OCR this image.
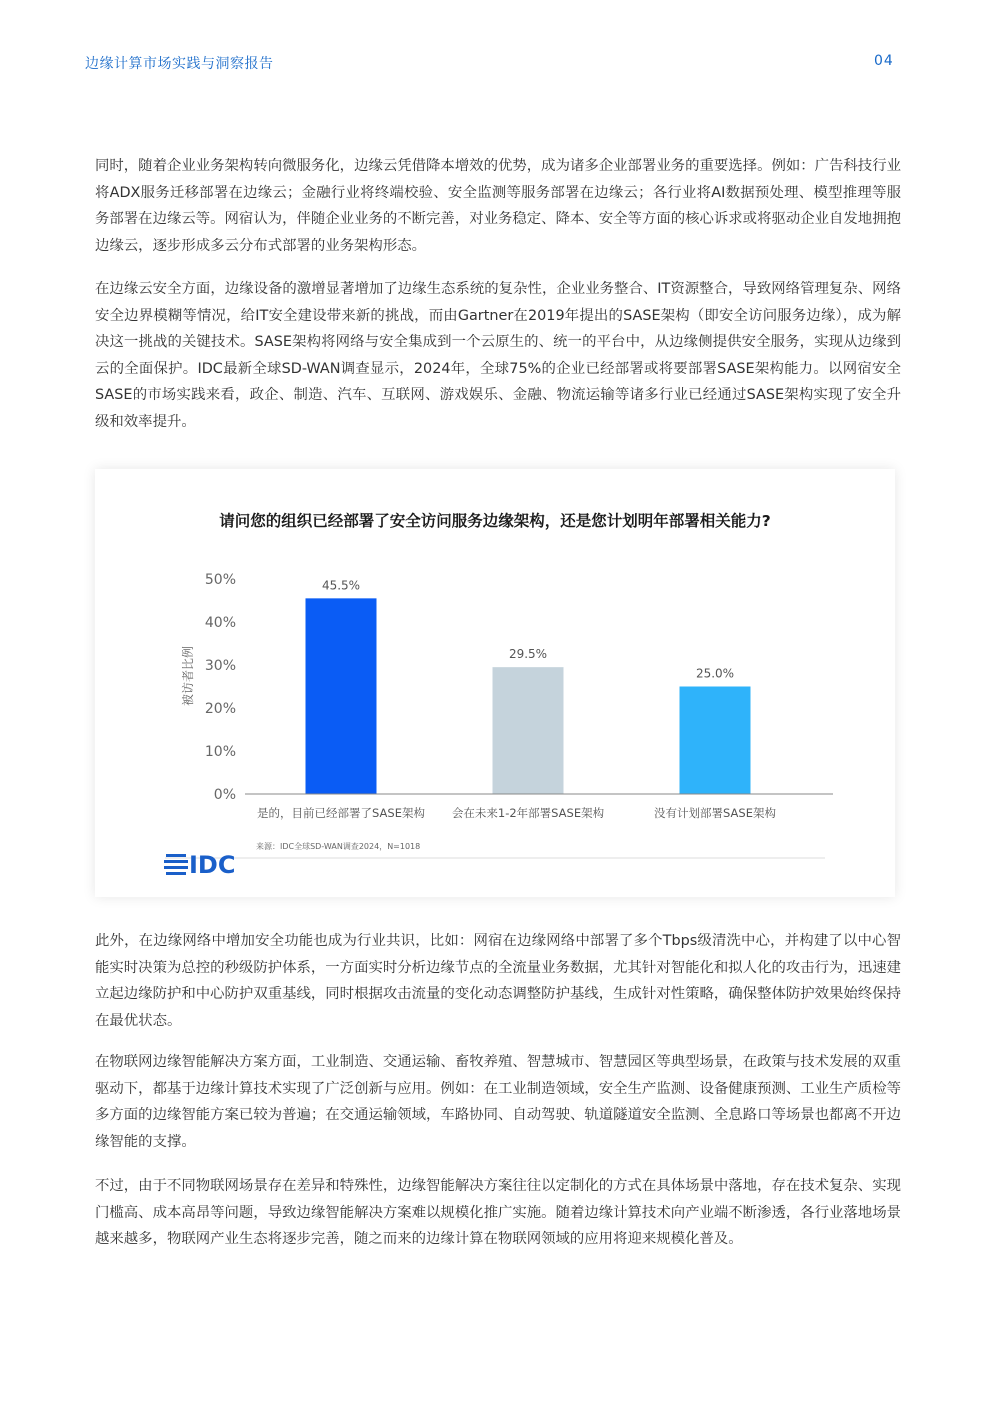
边缘计算市场实践与洞察报告	04

同时，随着企业业务架构转向微服务化，边缘云凭借降本增效的优势，成为诸多企业部署业务的重要选择。例如：广告科技行业将ADX服务迁移部署在边缘云；金融行业将终端校验、安全监测等服务部署在边缘云；各行业将AI数据预处理、模型推理等服务部署在边缘云等。网宿认为，伴随企业业务的不断完善，对业务稳定、降本、安全等方面的核心诉求或将驱动企业自发地拥抱边缘云，逐步形成多云分布式部署的业务架构形态。

在边缘云安全方面，边缘设备的激增显著增加了边缘生态系统的复杂性，企业业务整合、IT资源整合，导致网络管理复杂、网络安全边界模糊等情况，给IT安全建设带来新的挑战，而由Gartner在2019年提出的SASE架构（即安全访问服务边缘），成为解决这一挑战的关键技术。SASE架构将网络与安全集成到一个云原生的、统一的平台中，从边缘侧提供安全服务，实现从边缘到云的全面保护。IDC最新全球SD-WAN调查显示，2024年，全球75%的企业已经部署或将要部署SASE架构能力。以网宿安全SASE的市场实践来看，政企、制造、汽车、互联网、游戏娱乐、金融、物流运输等诸多行业已经通过SASE架构实现了安全升级和效率提升。

请问您的组织已经部署了安全访问服务边缘架构，还是您计划明年部署相关能力?
被访者比例
0%
10%
20%
30%
40%
50%	45.5%
29.5%
25.0%
是的，目前已经部署了SASE架构 会在未来1-2年部署SASE架构	没有计划部署SASE架构
来源：IDC全球SD-WAN调查2024，N=1018
IDC

此外，在边缘网络中增加安全功能也成为行业共识，比如：网宿在边缘网络中部署了多个Tbps级清洗中心，并构建了以中心智能实时决策为总控的秒级防护体系，一方面实时分析边缘节点的全流量业务数据，尤其针对智能化和拟人化的攻击行为，迅速建立起边缘防护和中心防护双重基线，同时根据攻击流量的变化动态调整防护基线，生成针对性策略，确保整体防护效果始终保持在最优状态。

在物联网边缘智能解决方案方面，工业制造、交通运输、畜牧养殖、智慧城市、智慧园区等典型场景，在政策与技术发展的双重驱动下，都基于边缘计算技术实现了广泛创新与应用。例如：在工业制造领域，安全生产监测、设备健康预测、工业生产质检等多方面的边缘智能方案已较为普遍；在交通运输领域，车路协同、自动驾驶、轨道隧道安全监测、全息路口等场景也都离不开边缘智能的支撑。

不过，由于不同物联网场景存在差异和特殊性，边缘智能解决方案往往以定制化的方式在具体场景中落地，存在技术复杂、实现门槛高、成本高昂等问题，导致边缘智能解决方案难以规模化推广实施。随着边缘计算技术向产业端不断渗透，各行业落地场景越来越多，物联网产业生态将逐步完善，随之而来的边缘计算在物联网领域的应用将迎来规模化普及。
